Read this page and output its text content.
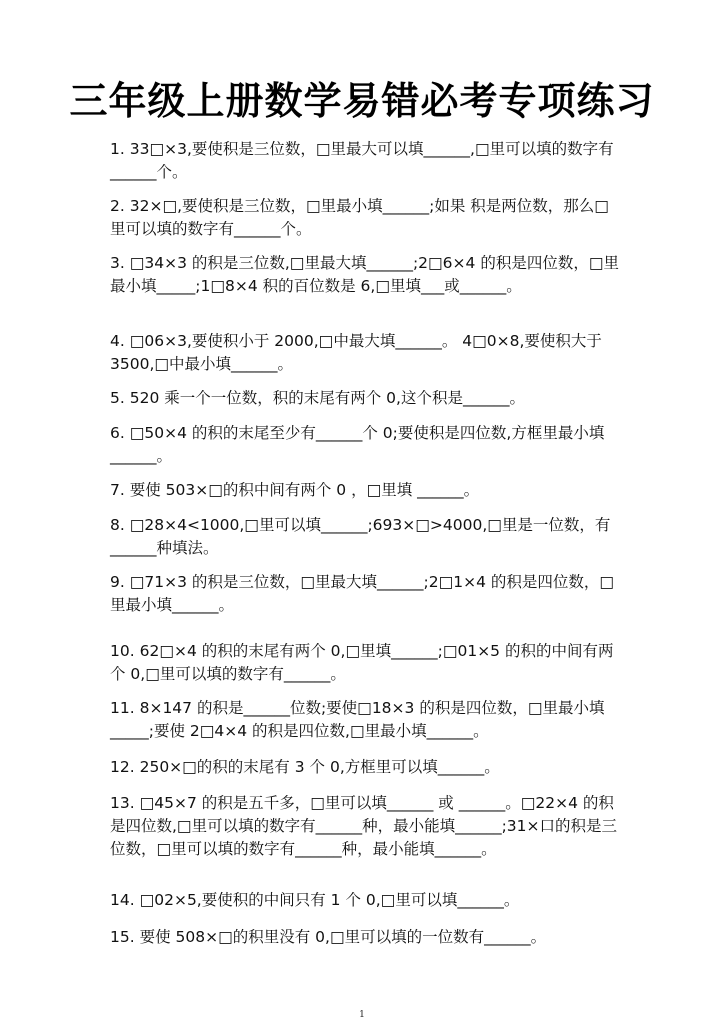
三年级上册数学易错必考专项练习
1. 33□×3,要使积是三位数，□里最大可以填______,□里可以填的数字有______个。
2. 32×□,要使积是三位数，□里最小填______;如果 积是两位数，那么□里可以填的数字有______个。
3. □34×3 的积是三位数,□里最大填______;2□6×4 的积是四位数，□里最小填_____;1□8×4 积的百位数是 6,□里填___或______。
4. □06×3,要使积小于 2000,□中最大填______。 4□0×8,要使积大于 3500,□中最小填______。
5. 520 乘一个一位数，积的末尾有两个 0,这个积是______。
6. □50×4 的积的末尾至少有______个 0;要使积是四位数,方框里最小填______。
7. 要使 503×□的积中间有两个 0 ，□里填 ______。
8. □28×4<1000,□里可以填______;693×□>4000,□里是一位数，有______种填法。
9. □71×3 的积是三位数，□里最大填______;2□1×4 的积是四位数，□里最小填______。
10. 62□×4 的积的末尾有两个 0,□里填______;□01×5 的积的中间有两个 0,□里可以填的数字有______。
11. 8×147 的积是______位数;要使□18×3 的积是四位数，□里最小填_____;要使 2□4×4 的积是四位数,□里最小填______。
12. 250×□的积的末尾有 3 个 0,方框里可以填______。
13. □45×7 的积是五千多，□里可以填______ 或 ______。□22×4 的积是四位数,□里可以填的数字有______种，最小能填______;31×口的积是三位数，□里可以填的数字有______种，最小能填______。
14. □02×5,要使积的中间只有 1 个 0,□里可以填______。
15. 要使 508×□的积里没有 0,□里可以填的一位数有______。
1
